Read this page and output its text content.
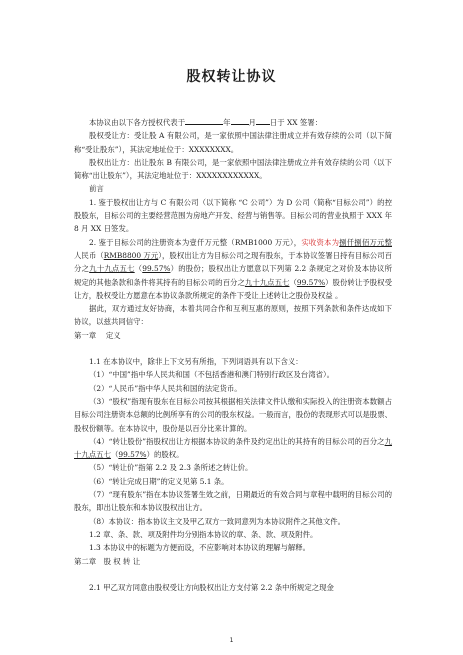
股权转让协议

本协议由以下各方授权代表于	年 月 日于 XX 签署：

股权受让方：受让股 A 有限公司，是一家依照中国法律注册成立并有效存续的公司（以下简称“受让股东”），其法定地址位于：XXXXXXXX。

股权出让方：出让股东 B 有限公司，是一家依照中国法律注册成立并有效存续的公司（以下简称“出让股东”），其法定地址位于：XXXXXXXXXXXX。

前言

1. 鉴于股权出让方与 C 有限公司（以下简称 “C 公司”）为 D 公司（简称“目标公司”）的控股股东，目标公司的主要经营范围为房地产开发、经营与销售等。目标公司的营业执照于 XXX 年 8 月 XX 日签发。

2. 鉴于目标公司的注册资本为壹仟万元整（RMB1000 万元），实收资本为捌仟捌佰万元整人民币（RMB8800 万元），股权出让方为目标公司之现有股东，于本协议签署日持有目标公司百分之九十九点五七（99.57%）的股份；股权出让方愿意以下列第 2.2 条规定之对价及本协议所规定的其他条款和条件将其持有的目标公司的百分之九十九点五七（99.57%）股份转让予股权受让方，股权受让方愿意在本协议条款所规定的条件下受让上述转让之股份及权益 。

据此，双方通过友好协商，本着共同合作和互利互惠的原则，按照下列条款和条件达成如下协议，以兹共同信守：

第一章　 定义

1.1 在本协议中，除非上下文另有所指，下列词语具有以下含义：

（1）“中国”指中华人民共和国（不包括香港和澳门特别行政区及台湾省）。

（2）“人民币”指中华人民共和国的法定货币。

（3）“股权”指现有股东在目标公司按其根据相关法律文件认缴和实际投入的注册资本数额占目标公司注册资本总额的比例所享有的公司的股东权益。一般而言，股份的表现形式可以是股票、股权份额等。在本协议中，股份是以百分比来计算的。

（4）“转让股份”指股权出让方根据本协议的条件及约定出让的其持有的目标公司的百分之九十九点五七（99.57%）的股权。

（5）“转让价”指第 2.2 及 2.3 条所述之转让价。

（6）“转让完成日期”的定义见第 5.1 条。

（7）“现有股东”指在本协议签署生效之前，日期最近的有效合同与章程中载明的目标公司的股东，即出让股东和本协议股权出让方。

（8）本协议：指本协议主文及甲乙双方一致同意列为本协议附件之其他文件。

1.2 章、条、款、项及附件均分别指本协议的章、条、款、项及附件。

1.3 本协议中的标题为方便而设，不应影响对本协议的理解与解释。

第二章　股 权 转 让

2.1 甲乙双方同意由股权受让方向股权出让方支付第 2.2 条中所规定之现金

1
